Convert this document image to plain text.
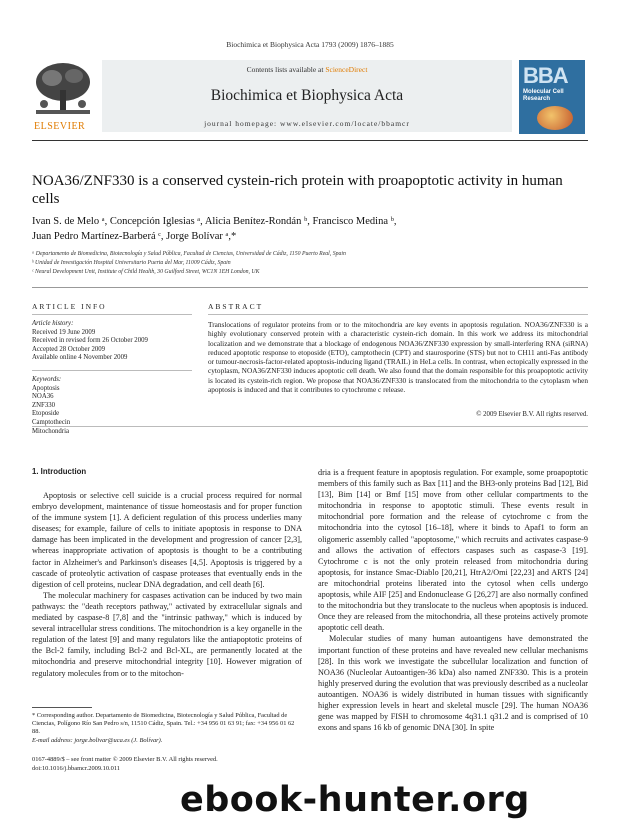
Biochimica et Biophysica Acta 1793 (2009) 1876–1885
ELSEVIER
Contents lists available at ScienceDirect
Biochimica et Biophysica Acta
journal homepage: www.elsevier.com/locate/bbamcr
BBA
Molecular Cell
Research
NOA36/ZNF330 is a conserved cystein-rich protein with proapoptotic activity in human cells
Ivan S. de Melo ᵃ, Concepción Iglesias ᵃ, Alicia Benítez-Rondán ᵇ, Francisco Medina ᵇ,
Juan Pedro Martínez-Barberá ᶜ, Jorge Bolívar ᵃ,*
ᵃ Departamento de Biomedicina, Biotecnología y Salud Pública, Facultad de Ciencias, Universidad de Cádiz, 1150 Puerto Real, Spain
ᵇ Unidad de Investigación Hospital Universitario Puerta del Mar, 11009 Cádiz, Spain
ᶜ Neural Development Unit, Institute of Child Health, 30 Guilford Street, WC1N 1EH London, UK
ARTICLE INFO
Article history:
Received 19 June 2009
Received in revised form 26 October 2009
Accepted 28 October 2009
Available online 4 November 2009
Keywords:
Apoptosis
NOA36
ZNF330
Etoposide
Camptothecin
Mitochondria
ABSTRACT
Translocations of regulator proteins from or to the mitochondria are key events in apoptosis regulation. NOA36/ZNF330 is a highly evolutionary conserved protein with a characteristic cystein-rich domain. In this work we address its mitochondrial localization and we demonstrate that a blockage of endogenous NOA36/ZNF330 expression by small-interfering RNA (siRNA) reduced apoptotic response to etoposide (ETO), camptothecin (CPT) and staurosporine (STS) but not to CH11 anti-Fas antibody or tumour-necrosis-factor-related apoptosis-inducing ligand (TRAIL) in HeLa cells. In contrast, when ectopically expressed in the cytoplasm, NOA36/ZNF330 induces apoptotic cell death. We also found that the domain responsible for this proapoptotic activity is located its cystein-rich region. We propose that NOA36/ZNF330 is translocated from the mitochondria to the cytoplasm when apoptosis is induced and that it contributes to cytochrome c release.
© 2009 Elsevier B.V. All rights reserved.
1. Introduction

Apoptosis or selective cell suicide is a crucial process required for normal embryo development, maintenance of tissue homeostasis and for proper function of the immune system [1]. A deficient regulation of this process underlies many diseases; for example, failure of cells to initiate apoptosis in response to DNA damage has been implicated in the development and progression of cancer [2,3], whereas inappropriate activation of apoptosis is thought to be a contributing factor in Alzheimer's and Parkinson's diseases [4,5]. Apoptosis is triggered by a cascade of proteolytic activation of caspase proteases that eventually ends in the digestion of cell proteins, nuclear DNA degradation, and cell death [6].

The molecular machinery for caspases activation can be induced by two main pathways: the "death receptors pathway," activated by extracellular signals and mediated by caspase-8 [7,8] and the "intrinsic pathway," which is induced by several intracellular stress conditions. The mitochondrion is a key organelle in the regulation of the latest [9] and many regulators like the antiapoptotic proteins of the Bcl-2 family, including Bcl-2 and Bcl-XL, are permanently located at the mitochondria and preserve mitochondrial integrity [10]. However migration of regulatory molecules from or to the mitochon-

dria is a frequent feature in apoptosis regulation. For example, some proapoptotic members of this family such as Bax [11] and the BH3-only proteins Bad [12], Bid [13], Bim [14] or Bmf [15] move from other cellular compartments to the mitochondria in response to apoptotic stimuli. These events result in mitochondrial pore formation and the release of cytochrome c from the mitochondria into the cytosol [16–18], where it binds to Apaf1 to form an oligomeric assembly called "apoptosome," which recruits and activates caspase-9 and allows the activation of effectors caspases such as caspase-3 [19]. Cytochrome c is not the only protein released from mitochondria during apoptosis, for instance Smac-Diablo [20,21], HtrA2/Omi [22,23] and ARTS [24] are mitochondrial proteins liberated into the cytosol when cells undergo apoptosis, while AIF [25] and Endonuclease G [26,27] are also normally confined to the mitochondria but they translocate to the nucleus when apoptosis is induced. Once they are released from the mitochondria, all these proteins actively promote apoptotic cell death.

Molecular studies of many human autoantigens have demonstrated the important function of these proteins and have revealed new cellular mechanisms [28]. In this work we investigate the subcellular localization and function of NOA36 (Nucleolar Autoantigen-36 kDa) also named ZNF330. This is a protein highly preserved during the evolution that was previously described as a nucleolar autoantigen. NOA36 is widely distributed in human tissues with significantly higher expression levels in heart and skeletal muscle [29]. The human NOA36 gene was mapped by FISH to chromosome 4q31.1 q31.2 and is comprised of 10 exons and spans 16 kb of genomic DNA [30]. In spite

* Corresponding author. Departamento de Biomedicina, Biotecnología y Salud Pública, Facultad de Ciencias, Polígono Río San Pedro s/n, 11510 Cádiz, Spain. Tel.: +34 956 01 63 91; fax: +34 956 01 62 88.
E-mail address: jorge.bolivar@uca.es (J. Bolívar).
0167-4889/$ – see front matter © 2009 Elsevier B.V. All rights reserved.
doi:10.1016/j.bbamcr.2009.10.011
ebook-hunter.org
